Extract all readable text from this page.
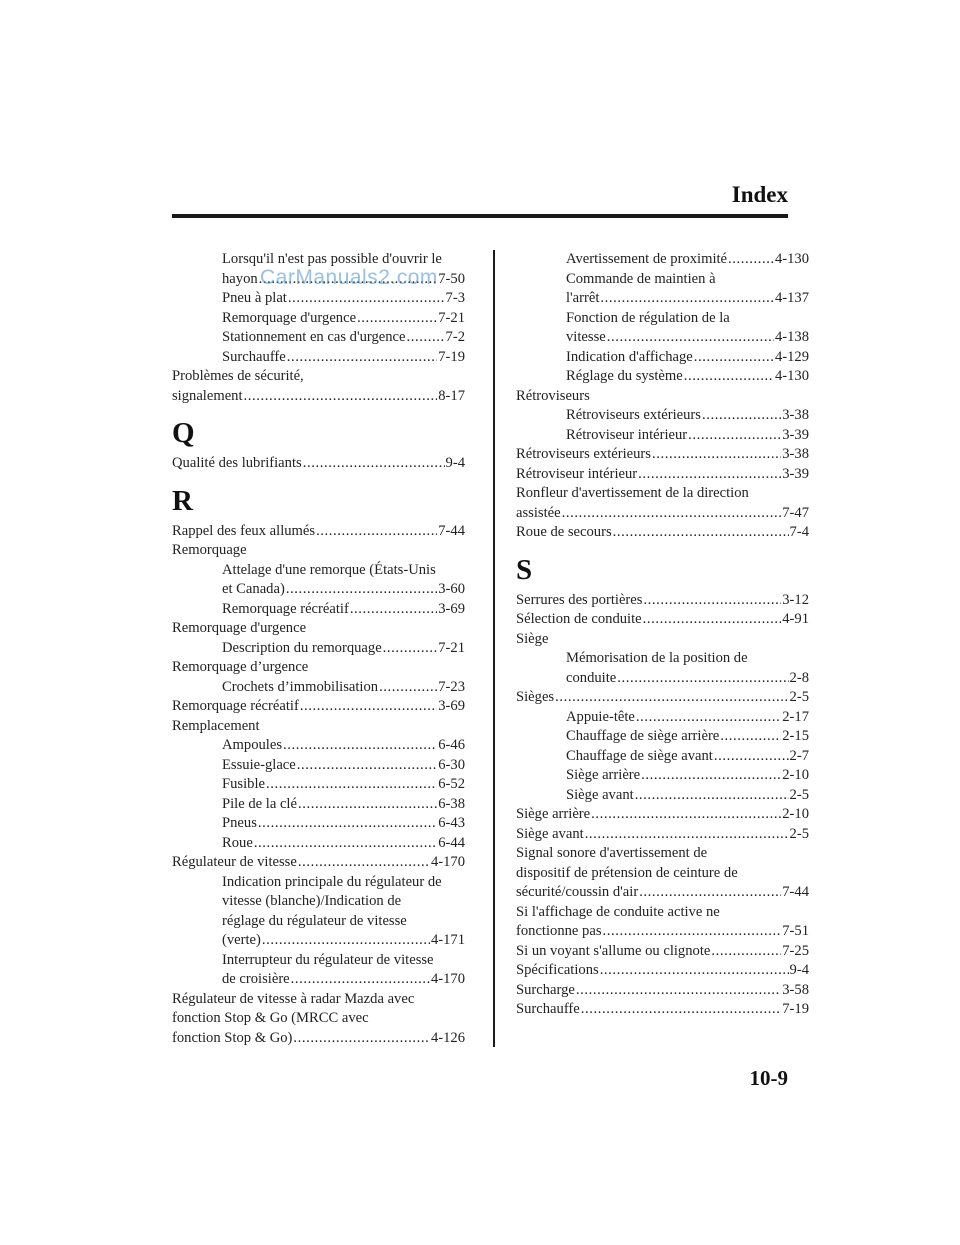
Index
Lorsqu'il n'est pas possible d'ouvrir le
hayon .....	7-50
Pneu à plat .....	7-3
Remorquage d'urgence .....	7-21
Stationnement en cas d'urgence .....	7-2
Surchauffe .....	7-19
Problèmes de sécurité,
signalement .....	8-17
Q
Qualité des lubrifiants .....	9-4
R
Rappel des feux allumés .....	7-44
Remorquage
Attelage d'une remorque (États-Unis
et Canada) .....	3-60
Remorquage récréatif .....	3-69
Remorquage d'urgence
Description du remorquage .....	7-21
Remorquage d’urgence
Crochets d’immobilisation .....	7-23
Remorquage récréatif .....	3-69
Remplacement
Ampoules .....	6-46
Essuie-glace .....	6-30
Fusible .....	6-52
Pile de la clé .....	6-38
Pneus .....	6-43
Roue .....	6-44
Régulateur de vitesse .....	4-170
Indication principale du régulateur de
vitesse (blanche)/Indication de
réglage du régulateur de vitesse
(verte) .....	4-171
Interrupteur du régulateur de vitesse
de croisière .....	4-170
Régulateur de vitesse à radar Mazda avec
fonction Stop & Go (MRCC avec
fonction Stop & Go) .....	4-126
Avertissement de proximité .....	4-130
Commande de maintien à
l'arrêt .....	4-137
Fonction de régulation de la
vitesse .....	4-138
Indication d'affichage .....	4-129
Réglage du système .....	4-130
Rétroviseurs
Rétroviseurs extérieurs .....	3-38
Rétroviseur intérieur .....	3-39
Rétroviseurs extérieurs .....	3-38
Rétroviseur intérieur .....	3-39
Ronfleur d'avertissement de la direction
assistée .....	7-47
Roue de secours .....	7-4
S
Serrures des portières .....	3-12
Sélection de conduite .....	4-91
Siège
Mémorisation de la position de
conduite .....	2-8
Sièges .....	2-5
Appuie-tête .....	2-17
Chauffage de siège arrière .....	2-15
Chauffage de siège avant .....	2-7
Siège arrière .....	2-10
Siège avant .....	2-5
Siège arrière .....	2-10
Siège avant .....	2-5
Signal sonore d'avertissement de
dispositif de prétension de ceinture de
sécurité/coussin d'air .....	7-44
Si l'affichage de conduite active ne
fonctionne pas .....	7-51
Si un voyant s'allume ou clignote .....	7-25
Spécifications .....	9-4
Surcharge .....	3-58
Surchauffe .....	7-19
CarManuals2.com
10-9
